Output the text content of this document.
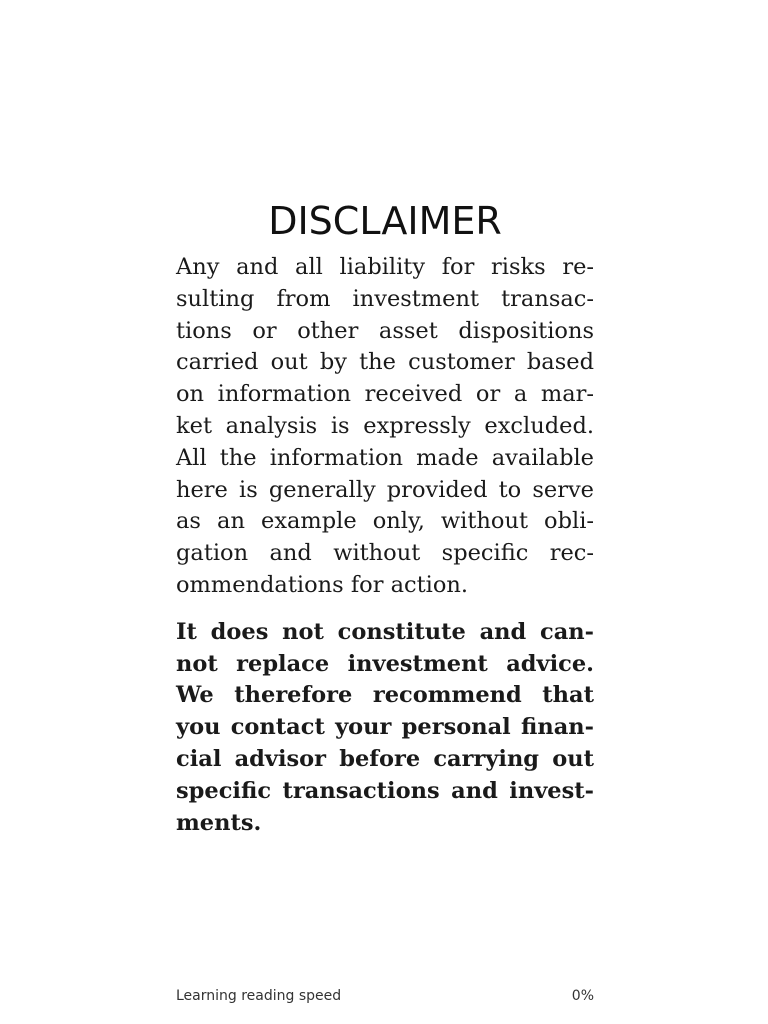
DISCLAIMER

Any and all liability for risks re-
sulting from investment transac-
tions or other asset dispositions
carried out by the customer based
on information received or a mar-
ket analysis is expressly excluded.
All the information made available
here is generally provided to serve
as an example only, without obli-
gation and without specific rec-
ommendations for action.

It does not constitute and can-
not replace investment advice.
We therefore recommend that
you contact your personal finan-
cial advisor before carrying out
specific transactions and invest-
ments.

Learning reading speed	0%
